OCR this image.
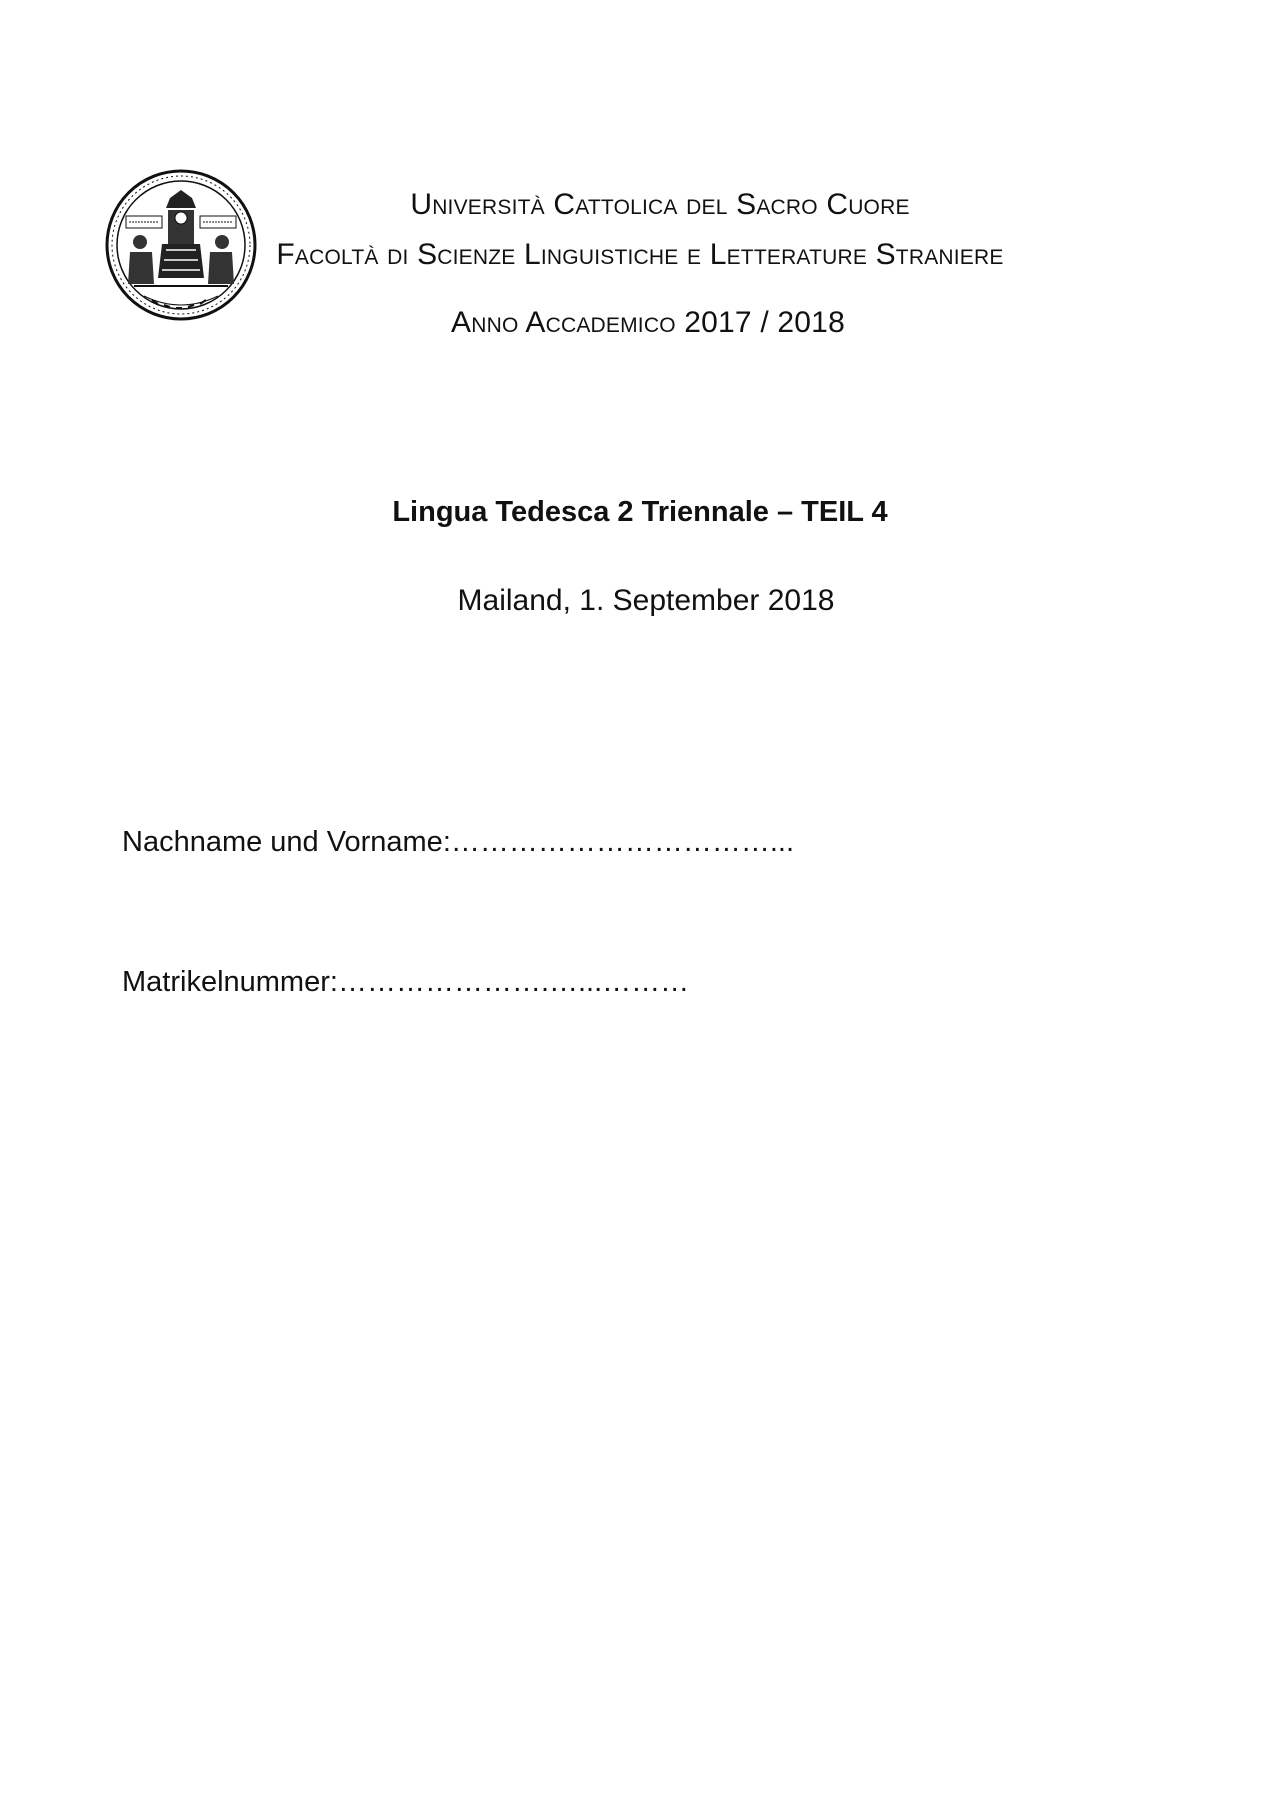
Università Cattolica del Sacro Cuore
Facoltà di Scienze Linguistiche e Letterature Straniere
Anno Accademico 2017 / 2018
Lingua Tedesca 2 Triennale – TEIL 4
Mailand, 1. September 2018
Nachname und Vorname:……………………………...
Matrikelnummer:………………….…...………
